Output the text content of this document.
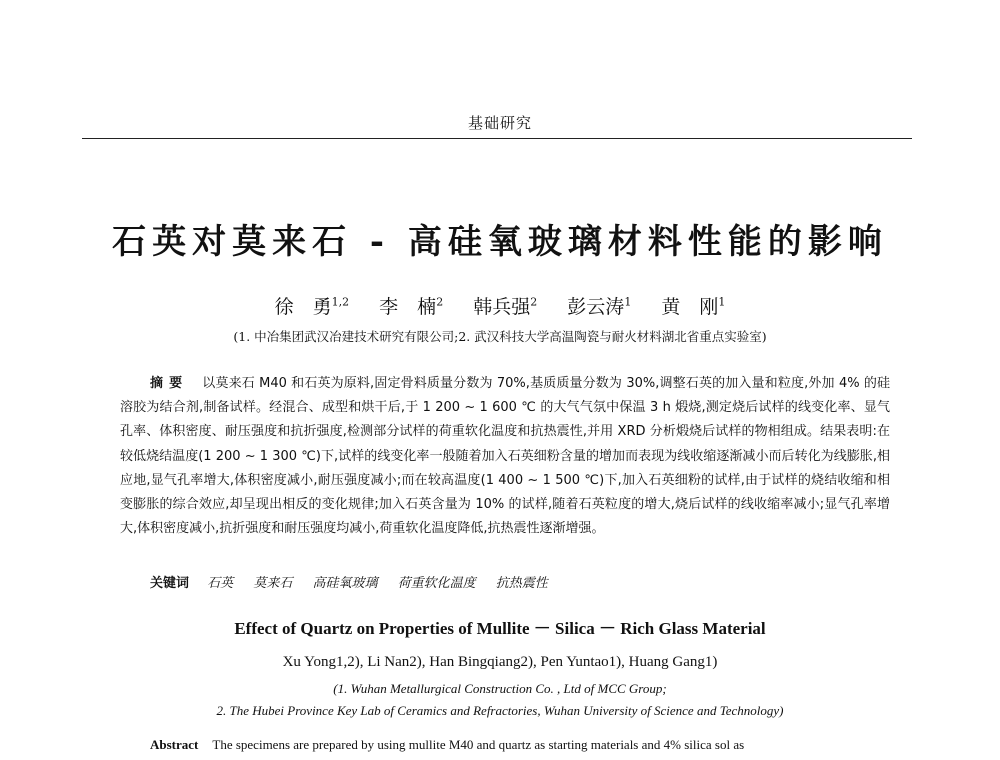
基础研究
石英对莫来石 - 高硅氧玻璃材料性能的影响
徐　勇$^{1,2}$ 李　楠$^2$ 韩兵强$^2$ 彭云涛$^1$ 黄　刚$^1$
(1. 中冶集团武汉冶建技术研究有限公司;2. 武汉科技大学高温陶瓷与耐火材料湖北省重点实验室)
摘要 以莫来石 M40 和石英为原料,固定骨料质量分数为 70%,基质质量分数为 30%,调整石英的加入量和粒度,外加 4% 的硅溶胶为结合剂,制备试样。经混合、成型和烘干后,于 1 200 ~ 1 600 ℃ 的大气气氛中保温 3 h 煅烧,测定烧后试样的线变化率、显气孔率、体积密度、耐压强度和抗折强度,检测部分试样的荷重软化温度和抗热震性,并用 XRD 分析煅烧后试样的物相组成。结果表明:在较低烧结温度(1 200 ~ 1 300 ℃)下,试样的线变化率一般随着加入石英细粉含量的增加而表现为线收缩逐渐减小而后转化为线膨胀,相应地,显气孔率增大,体积密度减小,耐压强度减小;而在较高温度(1 400 ~ 1 500 ℃)下,加入石英细粉的试样,由于试样的烧结收缩和相变膨胀的综合效应,却呈现出相反的变化规律;加入石英含量为 10% 的试样,随着石英粒度的增大,烧后试样的线收缩率减小;显气孔率增大,体积密度减小,抗折强度和耐压强度均减小,荷重软化温度降低,抗热震性逐渐增强。
关键词 石英 莫来石 高硅氧玻璃 荷重软化温度 抗热震性
Effect of Quartz on Properties of Mullite － Silica － Rich Glass Material
Xu Yong1,2), Li Nan2), Han Bingqiang2), Pen Yuntao1), Huang Gang1)
(1. Wuhan Metallurgical Construction Co. , Ltd of MCC Group;
2. The Hubei Province Key Lab of Ceramics and Refractories, Wuhan University of Science and Technology)
Abstract The specimens are prepared by using mullite M40 and quartz as starting materials and 4% silica sol as
